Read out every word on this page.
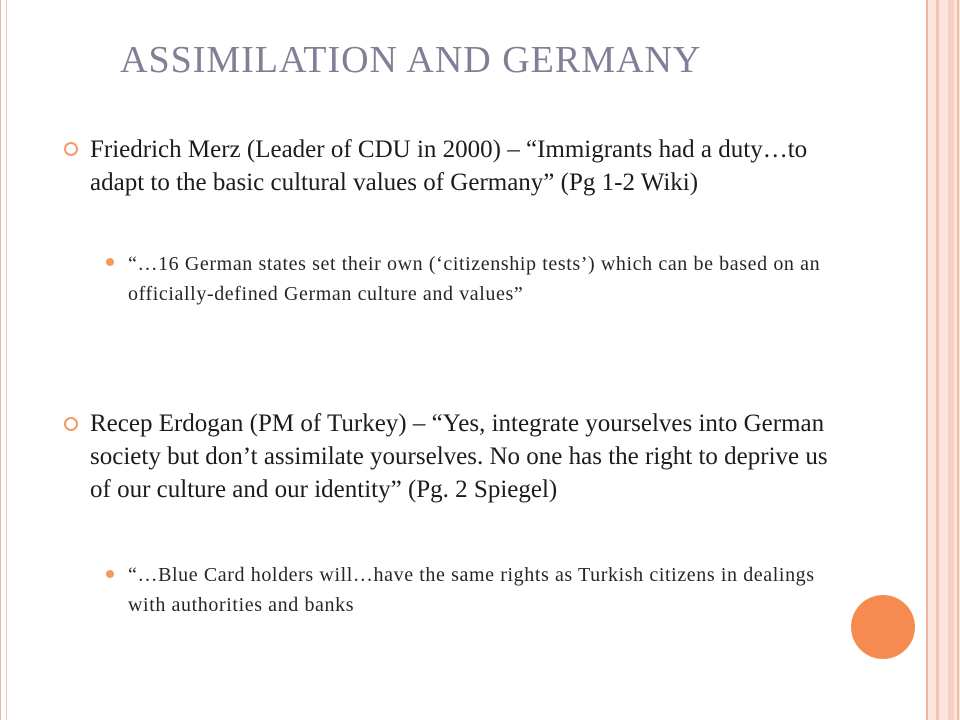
ASSIMILATION AND GERMANY
Friedrich Merz (Leader of CDU in 2000) – “Immigrants had a duty…to adapt to the basic cultural values of Germany” (Pg 1-2 Wiki)
“…16 German states set their own (‘citizenship tests’) which can be based on an officially-defined German culture and values”
Recep Erdogan (PM of Turkey) – “Yes, integrate yourselves into German society but don’t assimilate yourselves. No one has the right to deprive us of our culture and our identity” (Pg. 2 Spiegel)
“…Blue Card holders will…have the same rights as Turkish citizens in dealings with authorities and banks
